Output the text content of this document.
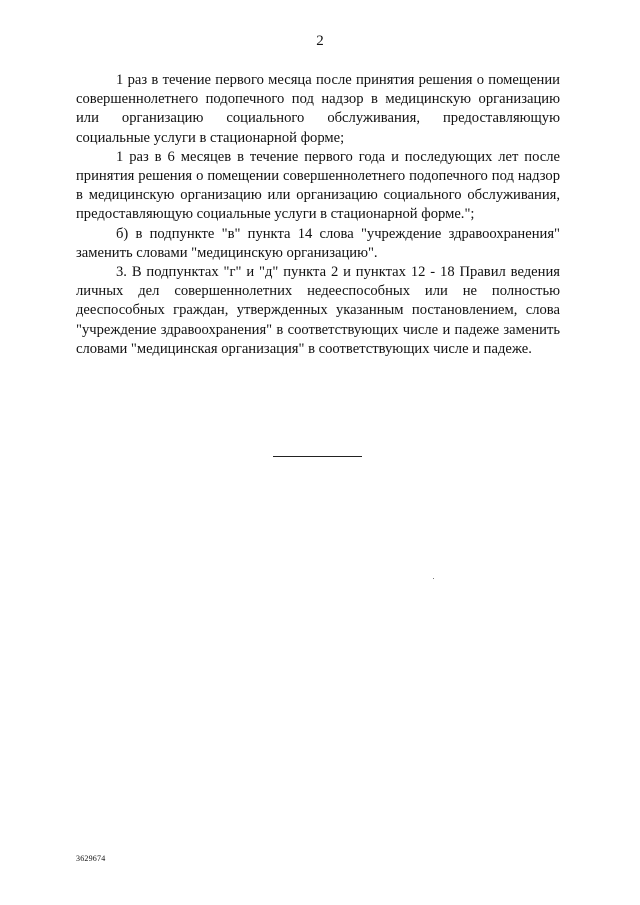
2

1 раз в течение первого месяца после принятия решения о помещении совершеннолетнего подопечного под надзор в медицинскую организацию или организацию социального обслуживания, предоставляющую социальные услуги в стационарной форме;

1 раз в 6 месяцев в течение первого года и последующих лет после принятия решения о помещении совершеннолетнего подопечного под надзор в медицинскую организацию или организацию социального обслуживания, предоставляющую социальные услуги в стационарной форме.";

б) в подпункте "в" пункта 14 слова "учреждение здравоохранения" заменить словами "медицинскую организацию".

3. В подпунктах "г" и "д" пункта 2 и пунктах 12 - 18 Правил ведения личных дел совершеннолетних недееспособных или не полностью дееспособных граждан, утвержденных указанным постановлением, слова "учреждение здравоохранения" в соответствующих числе и падеже заменить словами "медицинская организация" в соответствующих числе и падеже.

3629674
